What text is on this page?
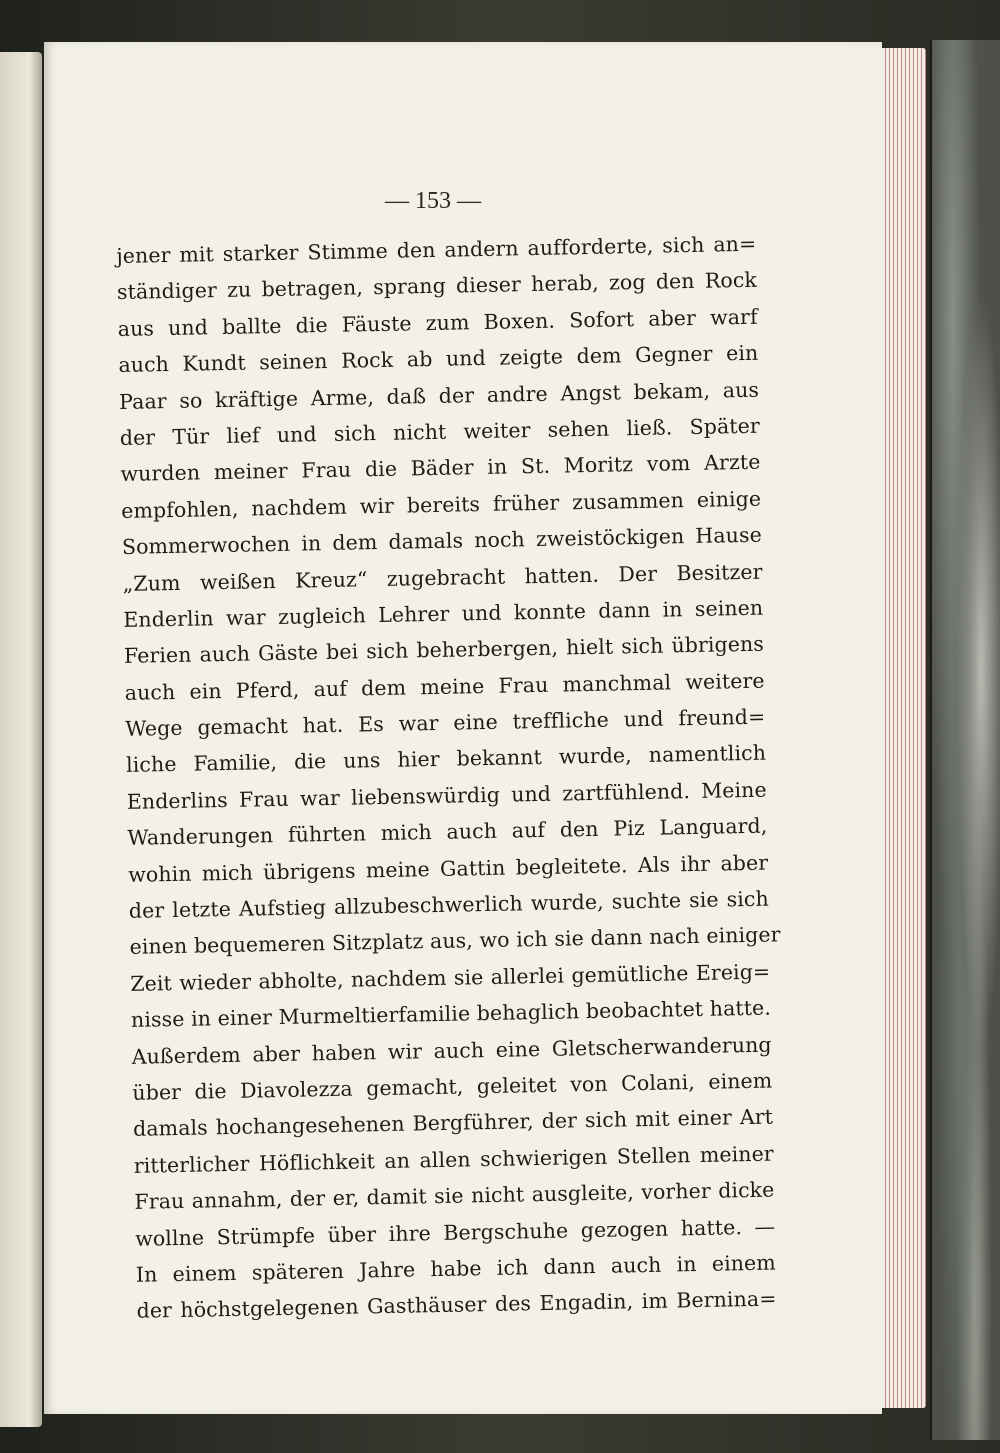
— 153 —
jener mit starker Stimme den andern aufforderte, sich an=
ständiger zu betragen, sprang dieser herab, zog den Rock
aus und ballte die Fäuste zum Boxen. Sofort aber warf
auch Kundt seinen Rock ab und zeigte dem Gegner ein
Paar so kräftige Arme, daß der andre Angst bekam, aus
der Tür lief und sich nicht weiter sehen ließ. Später
wurden meiner Frau die Bäder in St. Moritz vom Arzte
empfohlen, nachdem wir bereits früher zusammen einige
Sommerwochen in dem damals noch zweistöckigen Hause
„Zum weißen Kreuz“ zugebracht hatten. Der Besitzer
Enderlin war zugleich Lehrer und konnte dann in seinen
Ferien auch Gäste bei sich beherbergen, hielt sich übrigens
auch ein Pferd, auf dem meine Frau manchmal weitere
Wege gemacht hat. Es war eine treffliche und freund=
liche Familie, die uns hier bekannt wurde, namentlich
Enderlins Frau war liebenswürdig und zartfühlend. Meine
Wanderungen führten mich auch auf den Piz Languard,
wohin mich übrigens meine Gattin begleitete. Als ihr aber
der letzte Aufstieg allzubeschwerlich wurde, suchte sie sich
einen bequemeren Sitzplatz aus, wo ich sie dann nach einiger
Zeit wieder abholte, nachdem sie allerlei gemütliche Ereig=
nisse in einer Murmeltierfamilie behaglich beobachtet hatte.
Außerdem aber haben wir auch eine Gletscherwanderung
über die Diavolezza gemacht, geleitet von Colani, einem
damals hochangesehenen Bergführer, der sich mit einer Art
ritterlicher Höflichkeit an allen schwierigen Stellen meiner
Frau annahm, der er, damit sie nicht ausgleite, vorher dicke
wollne Strümpfe über ihre Bergschuhe gezogen hatte. —
In einem späteren Jahre habe ich dann auch in einem
der höchstgelegenen Gasthäuser des Engadin, im Bernina=
